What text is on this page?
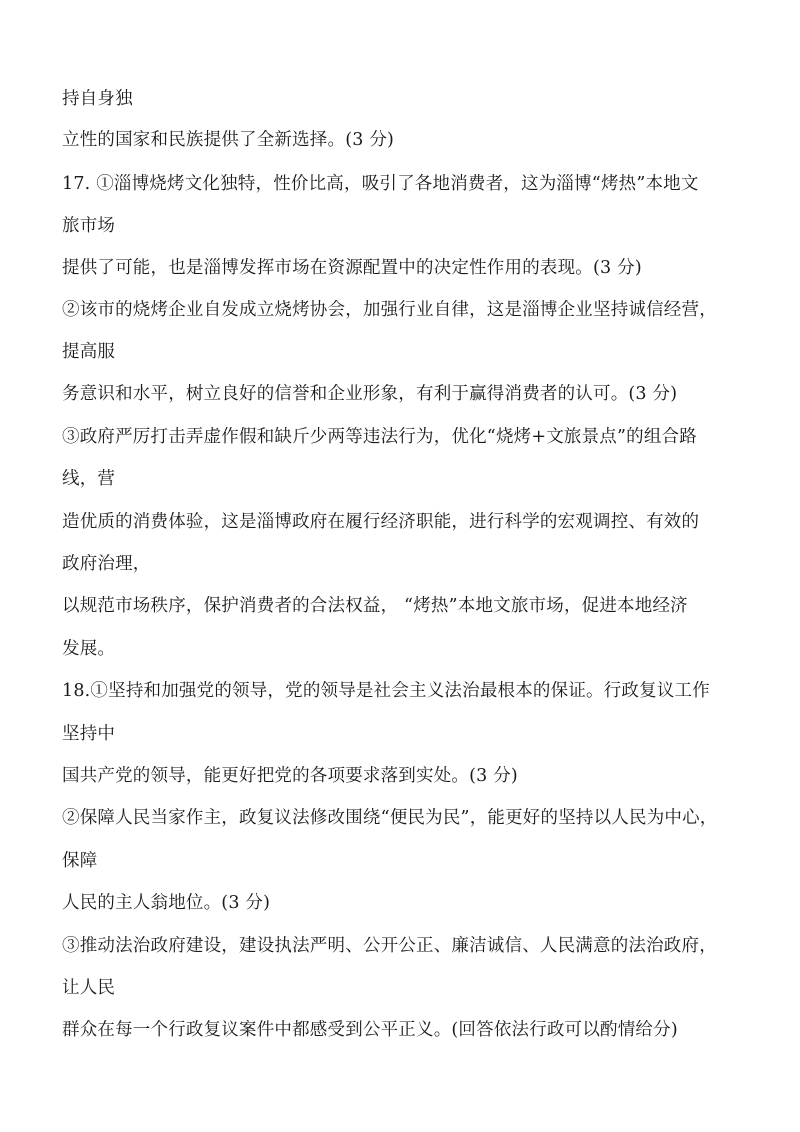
持自身独
立性的国家和民族提供了全新选择。(3 分)
17. ①淄博烧烤文化独特，性价比高，吸引了各地消费者，这为淄博“烤热”本地文
旅市场
提供了可能，也是淄博发挥市场在资源配置中的决定性作用的表现。(3 分)
②该市的烧烤企业自发成立烧烤协会，加强行业自律，这是淄博企业坚持诚信经营，
提高服
务意识和水平，树立良好的信誉和企业形象，有利于赢得消费者的认可。(3 分)
③政府严厉打击弄虚作假和缺斤少两等违法行为，优化“烧烤+文旅景点”的组合路
线，营
造优质的消费体验，这是淄博政府在履行经济职能，进行科学的宏观调控、有效的
政府治理，
以规范市场秩序，保护消费者的合法权益， “烤热”本地文旅市场，促进本地经济
发展。
18.①坚持和加强党的领导，党的领导是社会主义法治最根本的保证。行政复议工作
坚持中
国共产党的领导，能更好把党的各项要求落到实处。(3 分)
②保障人民当家作主，政复议法修改围绕“便民为民”，能更好的坚持以人民为中心，
保障
人民的主人翁地位。(3 分)
③推动法治政府建设，建设执法严明、公开公正、廉洁诚信、人民满意的法治政府，
让人民
群众在每一个行政复议案件中都感受到公平正义。(回答依法行政可以酌情给分)
